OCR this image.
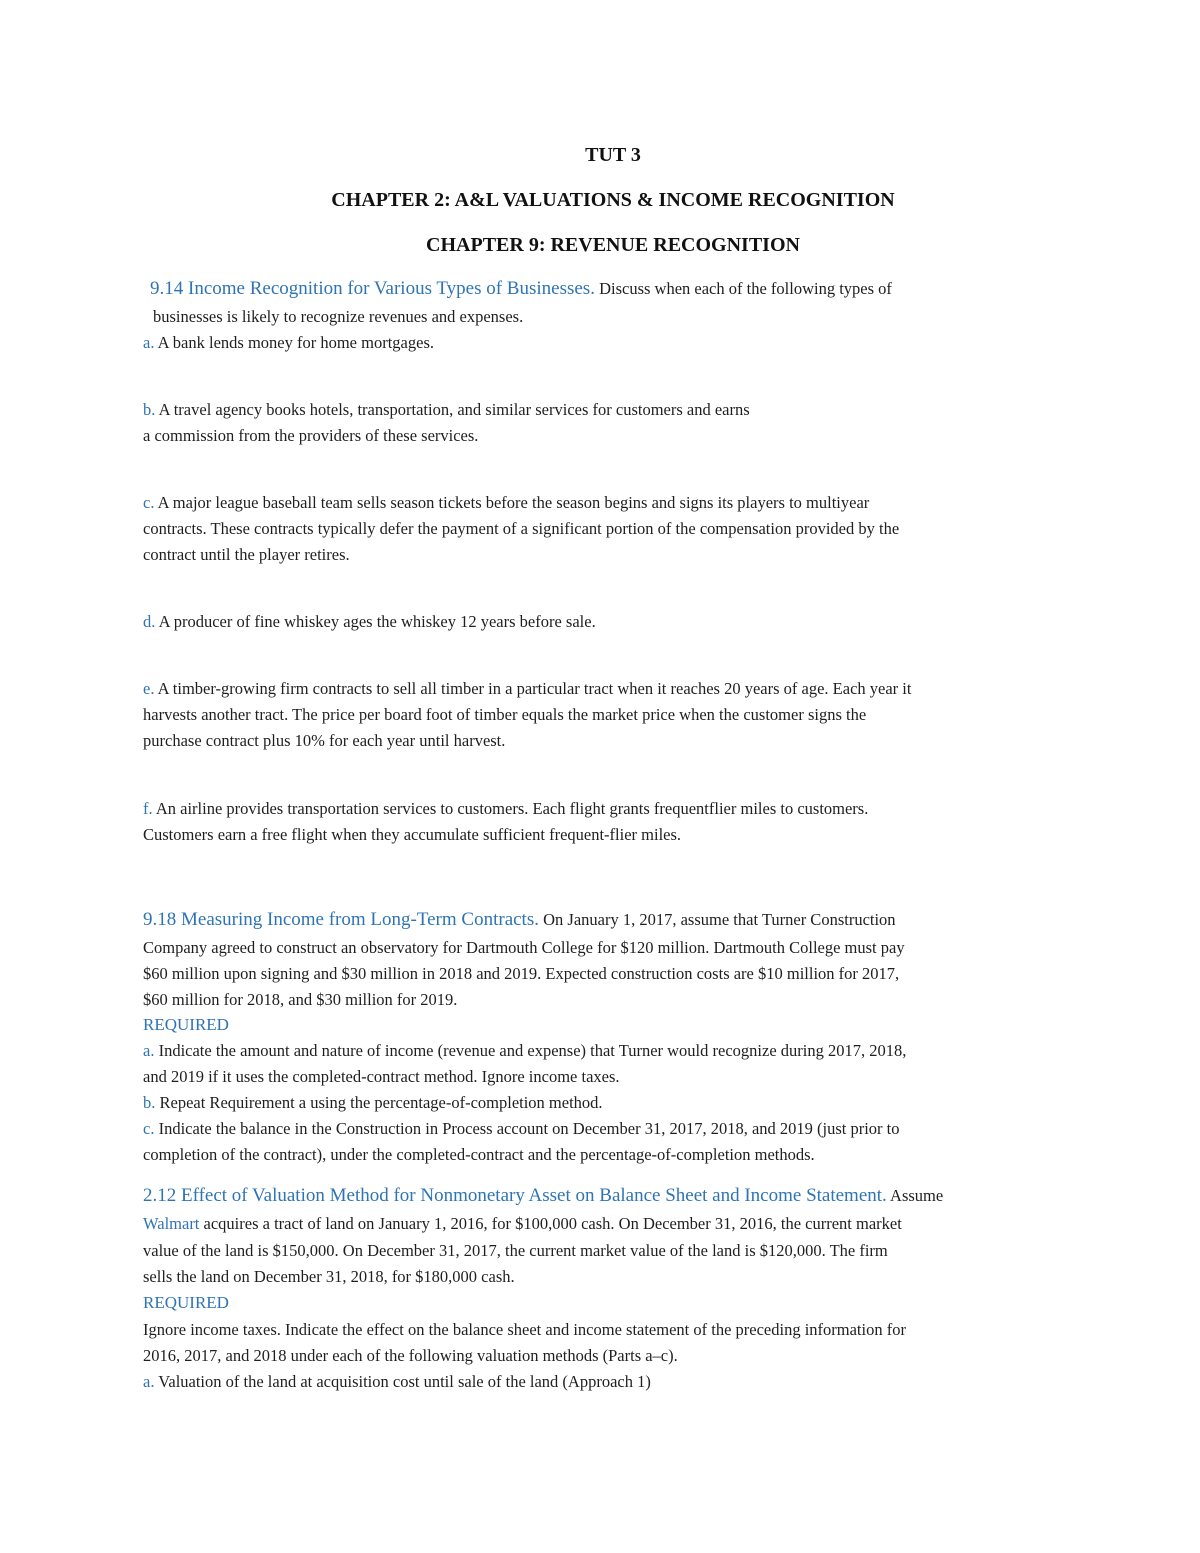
TUT 3
CHAPTER 2: A&L VALUATIONS & INCOME RECOGNITION
CHAPTER 9: REVENUE RECOGNITION
9.14 Income Recognition for Various Types of Businesses. Discuss when each of the following types of
businesses is likely to recognize revenues and expenses.
a. A bank lends money for home mortgages.
b. A travel agency books hotels, transportation, and similar services for customers and earns
a commission from the providers of these services.
c. A major league baseball team sells season tickets before the season begins and signs its players to multiyear
contracts. These contracts typically defer the payment of a significant portion of the compensation provided by the
contract until the player retires.
d. A producer of fine whiskey ages the whiskey 12 years before sale.
e. A timber-growing firm contracts to sell all timber in a particular tract when it reaches 20 years of age. Each year it
harvests another tract. The price per board foot of timber equals the market price when the customer signs the
purchase contract plus 10% for each year until harvest.
f. An airline provides transportation services to customers. Each flight grants frequentflier miles to customers.
Customers earn a free flight when they accumulate sufficient frequent-flier miles.
9.18 Measuring Income from Long-Term Contracts. On January 1, 2017, assume that Turner Construction
Company agreed to construct an observatory for Dartmouth College for $120 million. Dartmouth College must pay
$60 million upon signing and $30 million in 2018 and 2019. Expected construction costs are $10 million for 2017,
$60 million for 2018, and $30 million for 2019.
REQUIRED
a. Indicate the amount and nature of income (revenue and expense) that Turner would recognize during 2017, 2018,
and 2019 if it uses the completed-contract method. Ignore income taxes.
b. Repeat Requirement a using the percentage-of-completion method.
c. Indicate the balance in the Construction in Process account on December 31, 2017, 2018, and 2019 (just prior to
completion of the contract), under the completed-contract and the percentage-of-completion methods.
2.12 Effect of Valuation Method for Nonmonetary Asset on Balance Sheet and Income Statement. Assume
Walmart acquires a tract of land on January 1, 2016, for $100,000 cash. On December 31, 2016, the current market
value of the land is $150,000. On December 31, 2017, the current market value of the land is $120,000. The firm
sells the land on December 31, 2018, for $180,000 cash.
REQUIRED
Ignore income taxes. Indicate the effect on the balance sheet and income statement of the preceding information for
2016, 2017, and 2018 under each of the following valuation methods (Parts a–c).
a. Valuation of the land at acquisition cost until sale of the land (Approach 1)
